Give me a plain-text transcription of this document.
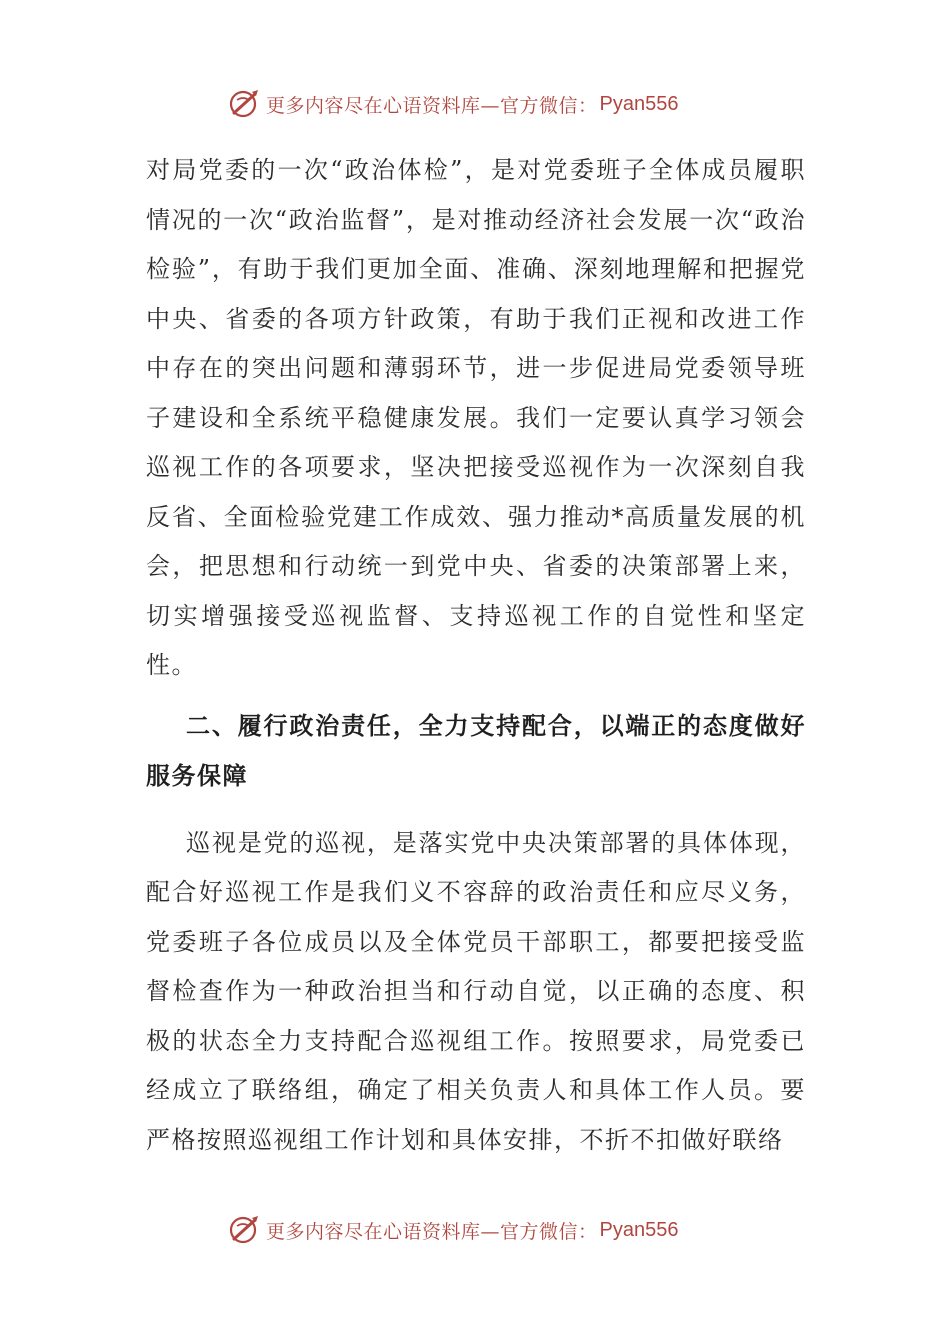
更多内容尽在心语资料库—官方微信： Pyan556

对局党委的一次“政治体检”，是对党委班子全体成员履职情况的一次“政治监督”，是对推动经济社会发展一次“政治检验”，有助于我们更加全面、准确、深刻地理解和把握党中央、省委的各项方针政策，有助于我们正视和改进工作中存在的突出问题和薄弱环节，进一步促进局党委领导班子建设和全系统平稳健康发展。我们一定要认真学习领会巡视工作的各项要求，坚决把接受巡视作为一次深刻自我反省、全面检验党建工作成效、强力推动*高质量发展的机会，把思想和行动统一到党中央、省委的决策部署上来，切实增强接受巡视监督、支持巡视工作的自觉性和坚定性。

二、履行政治责任，全力支持配合，以端正的态度做好服务保障

巡视是党的巡视，是落实党中央决策部署的具体体现，配合好巡视工作是我们义不容辞的政治责任和应尽义务，党委班子各位成员以及全体党员干部职工，都要把接受监督检查作为一种政治担当和行动自觉，以正确的态度、积极的状态全力支持配合巡视组工作。按照要求，局党委已经成立了联络组，确定了相关负责人和具体工作人员。要严格按照巡视组工作计划和具体安排，不折不扣做好联络

更多内容尽在心语资料库—官方微信： Pyan556
